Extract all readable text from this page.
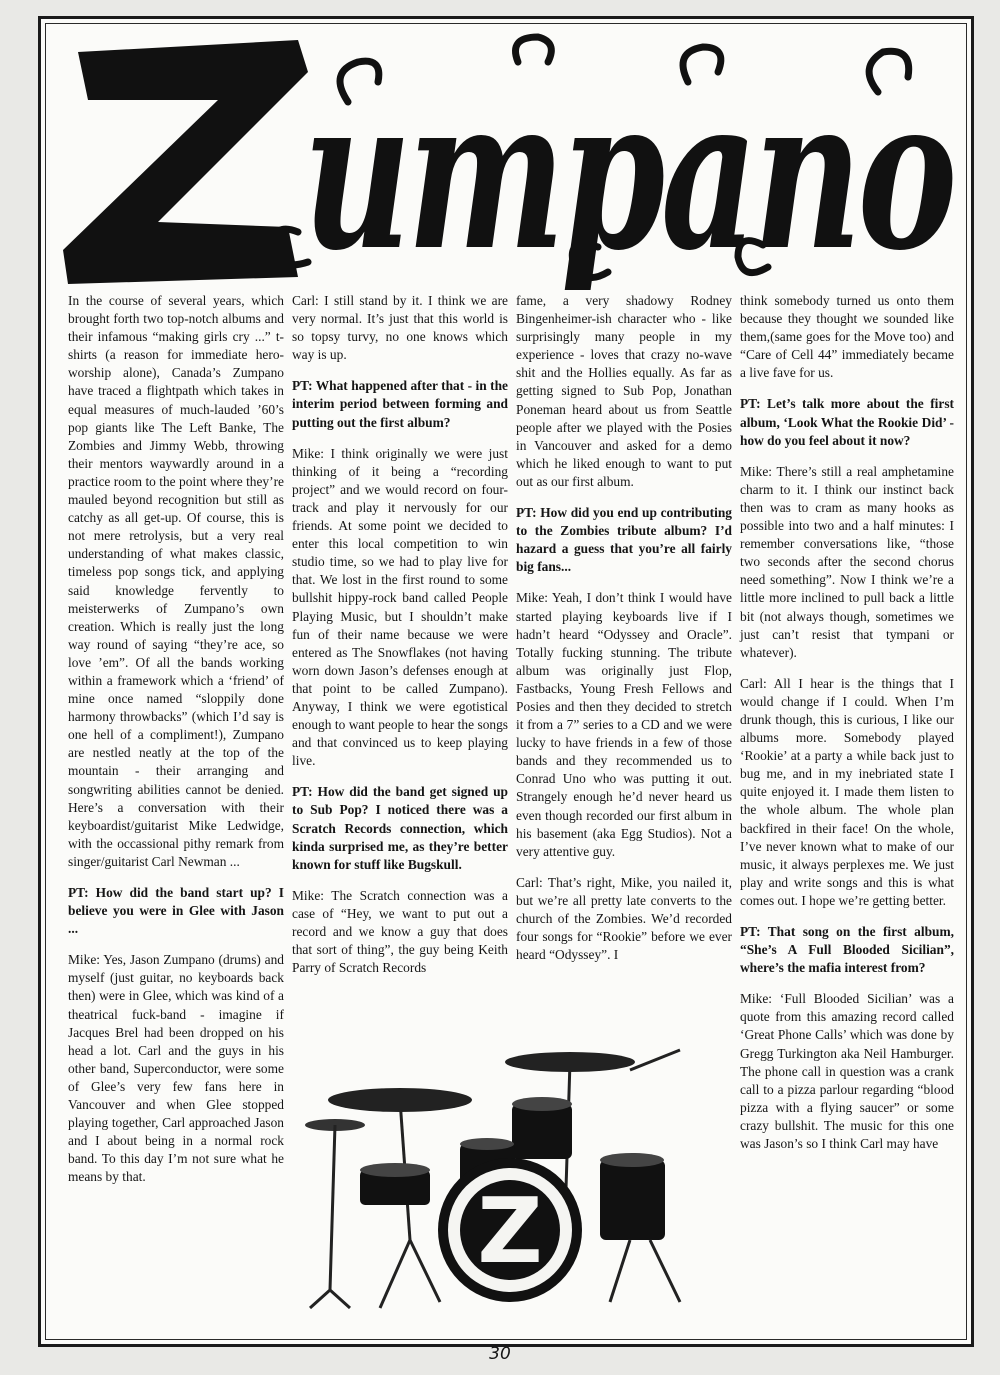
umpano
Zumpano

In the course of several years, which brought forth two top-notch albums and their infamous “making girls cry ...” t-shirts (a reason for immediate hero-worship alone), Canada’s Zumpano have traced a flightpath which takes in equal measures of much-lauded ’60’s pop giants like The Left Banke, The Zombies and Jimmy Webb, throwing their mentors waywardly around in a practice room to the point where they’re mauled beyond recognition but still as catchy as all get-up. Of course, this is not mere retrolysis, but a very real understanding of what makes classic, timeless pop songs tick, and applying said knowledge fervently to meisterwerks of Zumpano’s own creation. Which is really just the long way round of saying “they’re ace, so love ’em”. Of all the bands working within a framework which a ‘friend’ of mine once named “sloppily done harmony throwbacks” (which I’d say is one hell of a compliment!), Zumpano are nestled neatly at the top of the mountain - their arranging and songwriting abilities cannot be denied. Here’s a conversation with their keyboardist/guitarist Mike Ledwidge, with the occassional pithy remark from singer/guitarist Carl Newman ...

PT: How did the band start up? I believe you were in Glee with Jason ...

Mike: Yes, Jason Zumpano (drums) and myself (just guitar, no keyboards back then) were in Glee, which was kind of a theatrical fuck-band - imagine if Jacques Brel had been dropped on his head a lot. Carl and the guys in his other band, Superconductor, were some of Glee’s very few fans here in Vancouver and when Glee stopped playing together, Carl approached Jason and I about being in a normal rock band. To this day I’m not sure what he means by that.

Carl: I still stand by it. I think we are very normal. It’s just that this world is so topsy turvy, no one knows which way is up.

PT: What happened after that - in the interim period between forming and putting out the first album?

Mike: I think originally we were just thinking of it being a “recording project” and we would record on four-track and play it nervously for our friends. At some point we decided to enter this local competition to win studio time, so we had to play live for that. We lost in the first round to some bullshit hippy-rock band called People Playing Music, but I shouldn’t make fun of their name because we were entered as The Snowflakes (not having worn down Jason’s defenses enough at that point to be called Zumpano). Anyway, I think we were egotistical enough to want people to hear the songs and that convinced us to keep playing live.

PT: How did the band get signed up to Sub Pop? I noticed there was a Scratch Records connection, which kinda surprised me, as they’re better known for stuff like Bugskull.

Mike: The Scratch connection was a case of “Hey, we want to put out a record and we know a guy that does that sort of thing”, the guy being Keith Parry of Scratch Records

fame, a very shadowy Rodney Bingenheimer-ish character who - like surprisingly many people in my experience - loves that crazy no-wave shit and the Hollies equally. As far as getting signed to Sub Pop, Jonathan Poneman heard about us from Seattle people after we played with the Posies in Vancouver and asked for a demo which he liked enough to want to put out as our first album.

PT: How did you end up contributing to the Zombies tribute album? I’d hazard a guess that you’re all fairly big fans...

Mike: Yeah, I don’t think I would have started playing keyboards live if I hadn’t heard “Odyssey and Oracle”. Totally fucking stunning. The tribute album was originally just Flop, Fastbacks, Young Fresh Fellows and Posies and then they decided to stretch it from a 7” series to a CD and we were lucky to have friends in a few of those bands and they recommended us to Conrad Uno who was putting it out. Strangely enough he’d never heard us even though recorded our first album in his basement (aka Egg Studios). Not a very attentive guy.

Carl: That’s right, Mike, you nailed it, but we’re all pretty late converts to the church of the Zombies. We’d recorded four songs for “Rookie” before we ever heard “Odyssey”. I

think somebody turned us onto them because they thought we sounded like them,(same goes for the Move too) and “Care of Cell 44” immediately became a live fave for us.

PT: Let’s talk more about the first album, ‘Look What the Rookie Did’ - how do you feel about it now?

Mike: There’s still a real amphetamine charm to it. I think our instinct back then was to cram as many hooks as possible into two and a half minutes: I remember conversations like, “those two seconds after the second chorus need something”. Now I think we’re a little more inclined to pull back a little bit (not always though, sometimes we just can’t resist that tympani or whatever).

Carl: All I hear is the things that I would change if I could. When I’m drunk though, this is curious, I like our albums more. Somebody played ‘Rookie’ at a party a while back just to bug me, and in my inebriated state I quite enjoyed it. I made them listen to the whole album. The whole plan backfired in their face! On the whole, I’ve never known what to make of our music, it always perplexes me. We just play and write songs and this is what comes out. I hope we’re getting better.

PT: That song on the first album, “She’s A Full Blooded Sicilian”, where’s the mafia interest from?

Mike: ‘Full Blooded Sicilian’ was a quote from this amazing record called ‘Great Phone Calls’ which was done by Gregg Turkington aka Neil Hamburger. The phone call in question was a crank call to a pizza parlour regarding “blood pizza with a flying saucer” or some crazy bullshit. The music for this one was Jason’s so I think Carl may have

Z
30
